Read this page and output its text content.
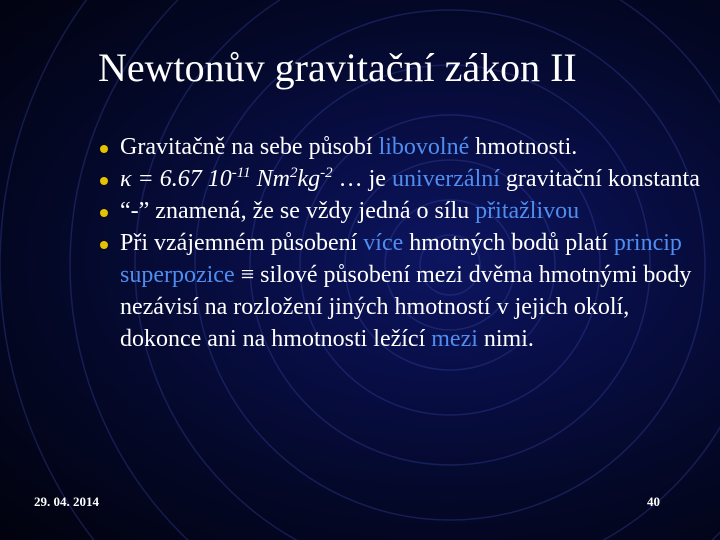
Newtonův gravitační zákon II
Gravitačně na sebe působí libovolné hmotnosti.
κ = 6.67 $10^{-11}$ $Nm^2kg^{-2}$ … je univerzální gravitační konstanta
“-” znamená, že se vždy jedná o sílu přitažlivou
Při vzájemném působení více hmotných bodů platí princip superpozice ≡ silové působení mezi dvěma hmotnými body nezávisí na rozložení jiných hmotností v jejich okolí, dokonce ani na hmotnosti ležící mezi nimi.
29. 04. 2014	40
